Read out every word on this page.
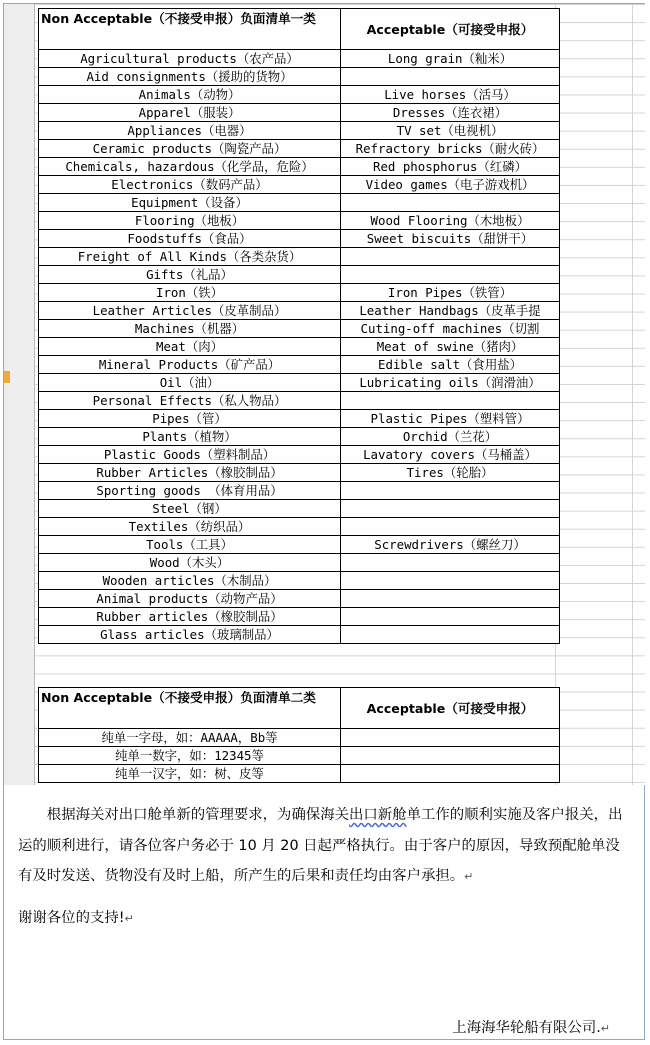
Non Acceptable（不接受申报）负面清单一类	Acceptable（可接受申报）
Agricultural products（农产品）	Long grain（籼米）
Aid consignments（援助的货物）	
Animals（动物）	Live horses（活马）
Apparel（服装）	Dresses（连衣裙）
Appliances（电器）	TV set（电视机）
Ceramic products（陶瓷产品）	Refractory bricks（耐火砖）
Chemicals, hazardous（化学品，危险）	Red phosphorus（红磷）
Electronics（数码产品）	Video games（电子游戏机）
Equipment（设备）	
Flooring（地板）	Wood Flooring（木地板）
Foodstuffs（食品）	Sweet biscuits（甜饼干）
Freight of All Kinds（各类杂货）	
Gifts（礼品）	
Iron（铁）	Iron Pipes（铁管）
Leather Articles（皮革制品）	Leather Handbags（皮革手提
Machines（机器）	Cuting-off machines（切割
Meat（肉）	Meat of swine（猪肉）
Mineral Products（矿产品）	Edible salt（食用盐）
Oil（油）	Lubricating oils（润滑油）
Personal Effects（私人物品）	
Pipes（管）	Plastic Pipes（塑料管）
Plants（植物）	Orchid（兰花）
Plastic Goods（塑料制品）	Lavatory covers（马桶盖）
Rubber Articles（橡胶制品）	Tires（轮胎）
Sporting goods （体育用品）	
Steel（钢）	
Textiles（纺织品）	
Tools（工具）	Screwdrivers（螺丝刀）
Wood（木头）	
Wooden articles（木制品）	
Animal products（动物产品）	
Rubber articles（橡胶制品）	
Glass articles（玻璃制品）	
Non Acceptable（不接受申报）负面清单二类	Acceptable（可接受申报）
纯单一字母，如：AAAAA，Bb等	
纯单一数字，如：12345等	
纯单一汉字，如：树、皮等	

根据海关对出口舱单新的管理要求，为确保海关出口新舱单工作的顺利实施及客户报关，出运的顺利进行，请各位客户务必于 10 月 20 日起严格执行。由于客户的原因，导致预配舱单没有及时发送、货物没有及时上船，所产生的后果和责任均由客户承担。↵

谢谢各位的支持!↵

上海海华轮船有限公司.↵
